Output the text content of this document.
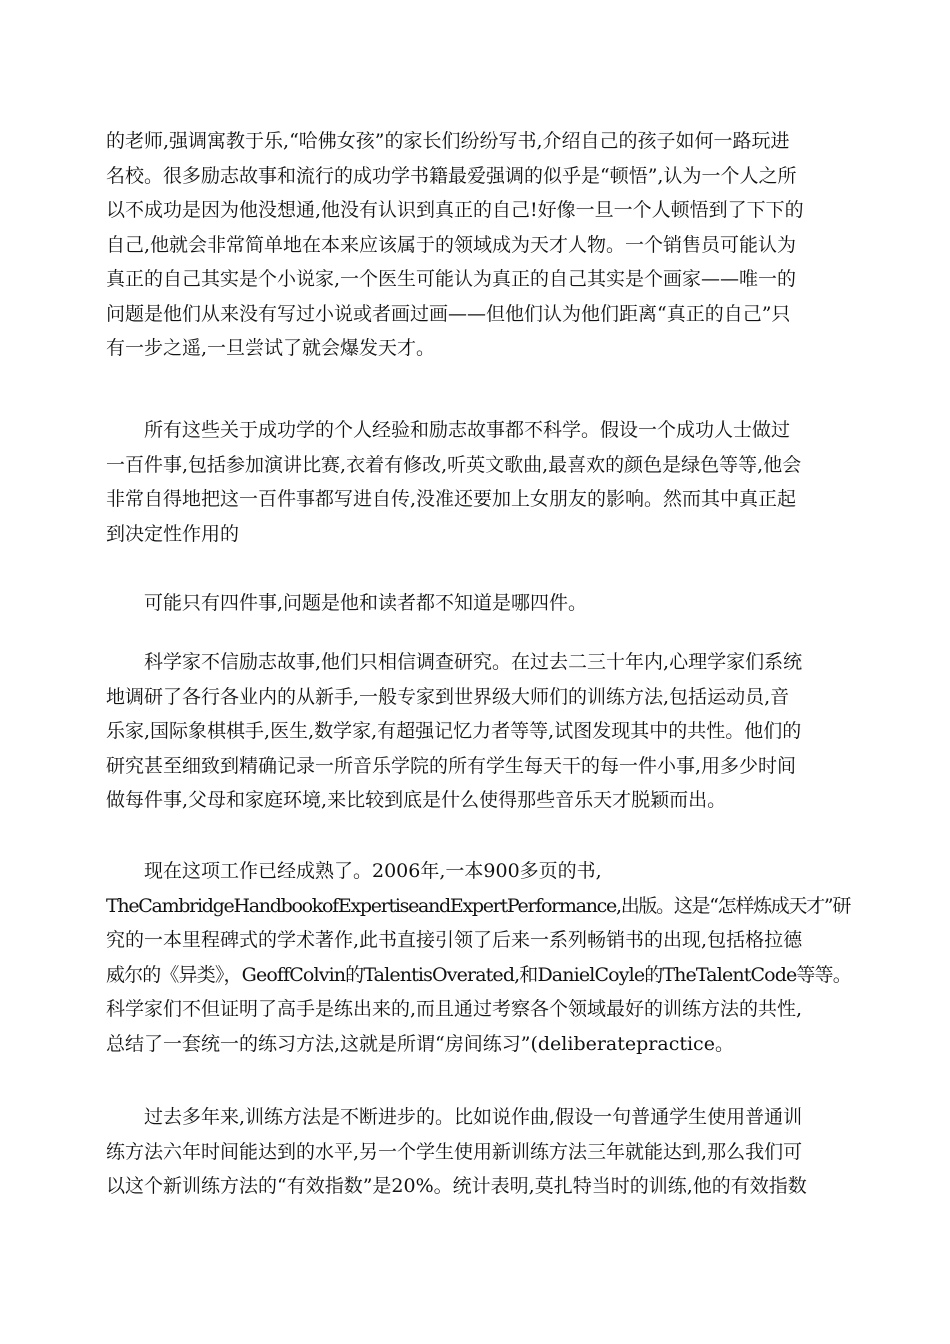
的老师,强调寓教于乐,“哈佛女孩”的家长们纷纷写书,介绍自己的孩子如何一路玩进
名校。很多励志故事和流行的成功学书籍最爱强调的似乎是“顿悟”,认为一个人之所
以不成功是因为他没想通,他没有认识到真正的自己!好像一旦一个人顿悟到了下下的
自己,他就会非常简单地在本来应该属于的领域成为天才人物。一个销售员可能认为
真正的自己其实是个小说家,一个医生可能认为真正的自己其实是个画家——唯一的
问题是他们从来没有写过小说或者画过画——但他们认为他们距离“真正的自己”只
有一步之遥,一旦尝试了就会爆发天才。
所有这些关于成功学的个人经验和励志故事都不科学。假设一个成功人士做过
一百件事,包括参加演讲比赛,衣着有修改,听英文歌曲,最喜欢的颜色是绿色等等,他会
非常自得地把这一百件事都写进自传,没准还要加上女朋友的影响。然而其中真正起
到决定性作用的
可能只有四件事,问题是他和读者都不知道是哪四件。
科学家不信励志故事,他们只相信调查研究。在过去二三十年内,心理学家们系统
地调研了各行各业内的从新手,一般专家到世界级大师们的训练方法,包括运动员,音
乐家,国际象棋棋手,医生,数学家,有超强记忆力者等等,试图发现其中的共性。他们的
研究甚至细致到精确记录一所音乐学院的所有学生每天干的每一件小事,用多少时间
做每件事,父母和家庭环境,来比较到底是什么使得那些音乐天才脱颖而出。
现在这项工作已经成熟了。2006年,一本900多页的书,
TheCambridgeHandbookofExpertiseandExpertPerformance,出版。这是“怎样炼成天才”研
究的一本里程碑式的学术著作,此书直接引领了后来一系列畅销书的出现,包括格拉德
威尔的《异类》，GeoffColvin的TalentisOverated,和DanielCoyle的TheTalentCode等等。
科学家们不但证明了高手是练出来的,而且通过考察各个领域最好的训练方法的共性,
总结了一套统一的练习方法,这就是所谓“房间练习”(deliberatepractice。
过去多年来,训练方法是不断进步的。比如说作曲,假设一句普通学生使用普通训
练方法六年时间能达到的水平,另一个学生使用新训练方法三年就能达到,那么我们可
以这个新训练方法的“有效指数”是20%。统计表明,莫扎特当时的训练,他的有效指数
